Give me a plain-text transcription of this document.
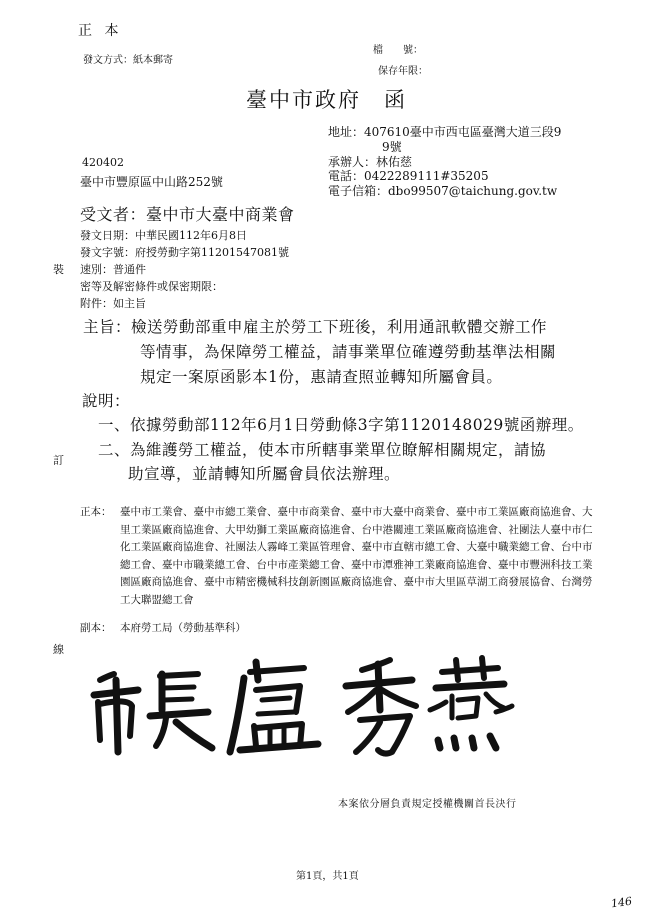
正 本
發文方式：紙本郵寄
檔　　號：
保存年限：
臺中市政府　函
地址：407610臺中市西屯區臺灣大道三段9
9號
承辦人：林佑慈
電話：0422289111#35205
電子信箱：dbo99507@taichung.gov.tw
420402
臺中市豐原區中山路252號
受文者：臺中市大臺中商業會
發文日期：中華民國112年6月8日
發文字號：府授勞動字第11201547081號
速別：普通件
密等及解密條件或保密期限：
附件：如主旨
主旨：檢送勞動部重申雇主於勞工下班後，利用通訊軟體交辦工作
等情事，為保障勞工權益，請事業單位確遵勞動基準法相關
規定一案原函影本1份，惠請查照並轉知所屬會員。
說明：
一、依據勞動部112年6月1日勞動條3字第1120148029號函辦理。
二、為維護勞工權益，使本市所轄事業單位瞭解相關規定，請協
助宣導，並請轉知所屬會員依法辦理。
正本： 臺中市工業會、臺中市總工業會、臺中市商業會、臺中市大臺中商業會、臺中市工業區廠商協進會、大里工業區廠商協進會、大甲幼獅工業區廠商協進會、台中港關連工業區廠商協進會、社團法人臺中市仁化工業區廠商協進會、社團法人霧峰工業區管理會、臺中市直轄市總工會、大臺中職業總工會、台中市總工會、臺中市職業總工會、台中市產業總工會、臺中市潭雅神工業廠商協進會、臺中市豐洲科技工業園區廠商協進會、臺中市精密機械科技創新園區廠商協進會、臺中市大里區草湖工商發展協會、台灣勞工大聯盟總工會
副本： 本府勞工局（勞動基準科）
裝
訂
線
本案依分層負責規定授權機關首長決行
第1頁，共1頁
146
